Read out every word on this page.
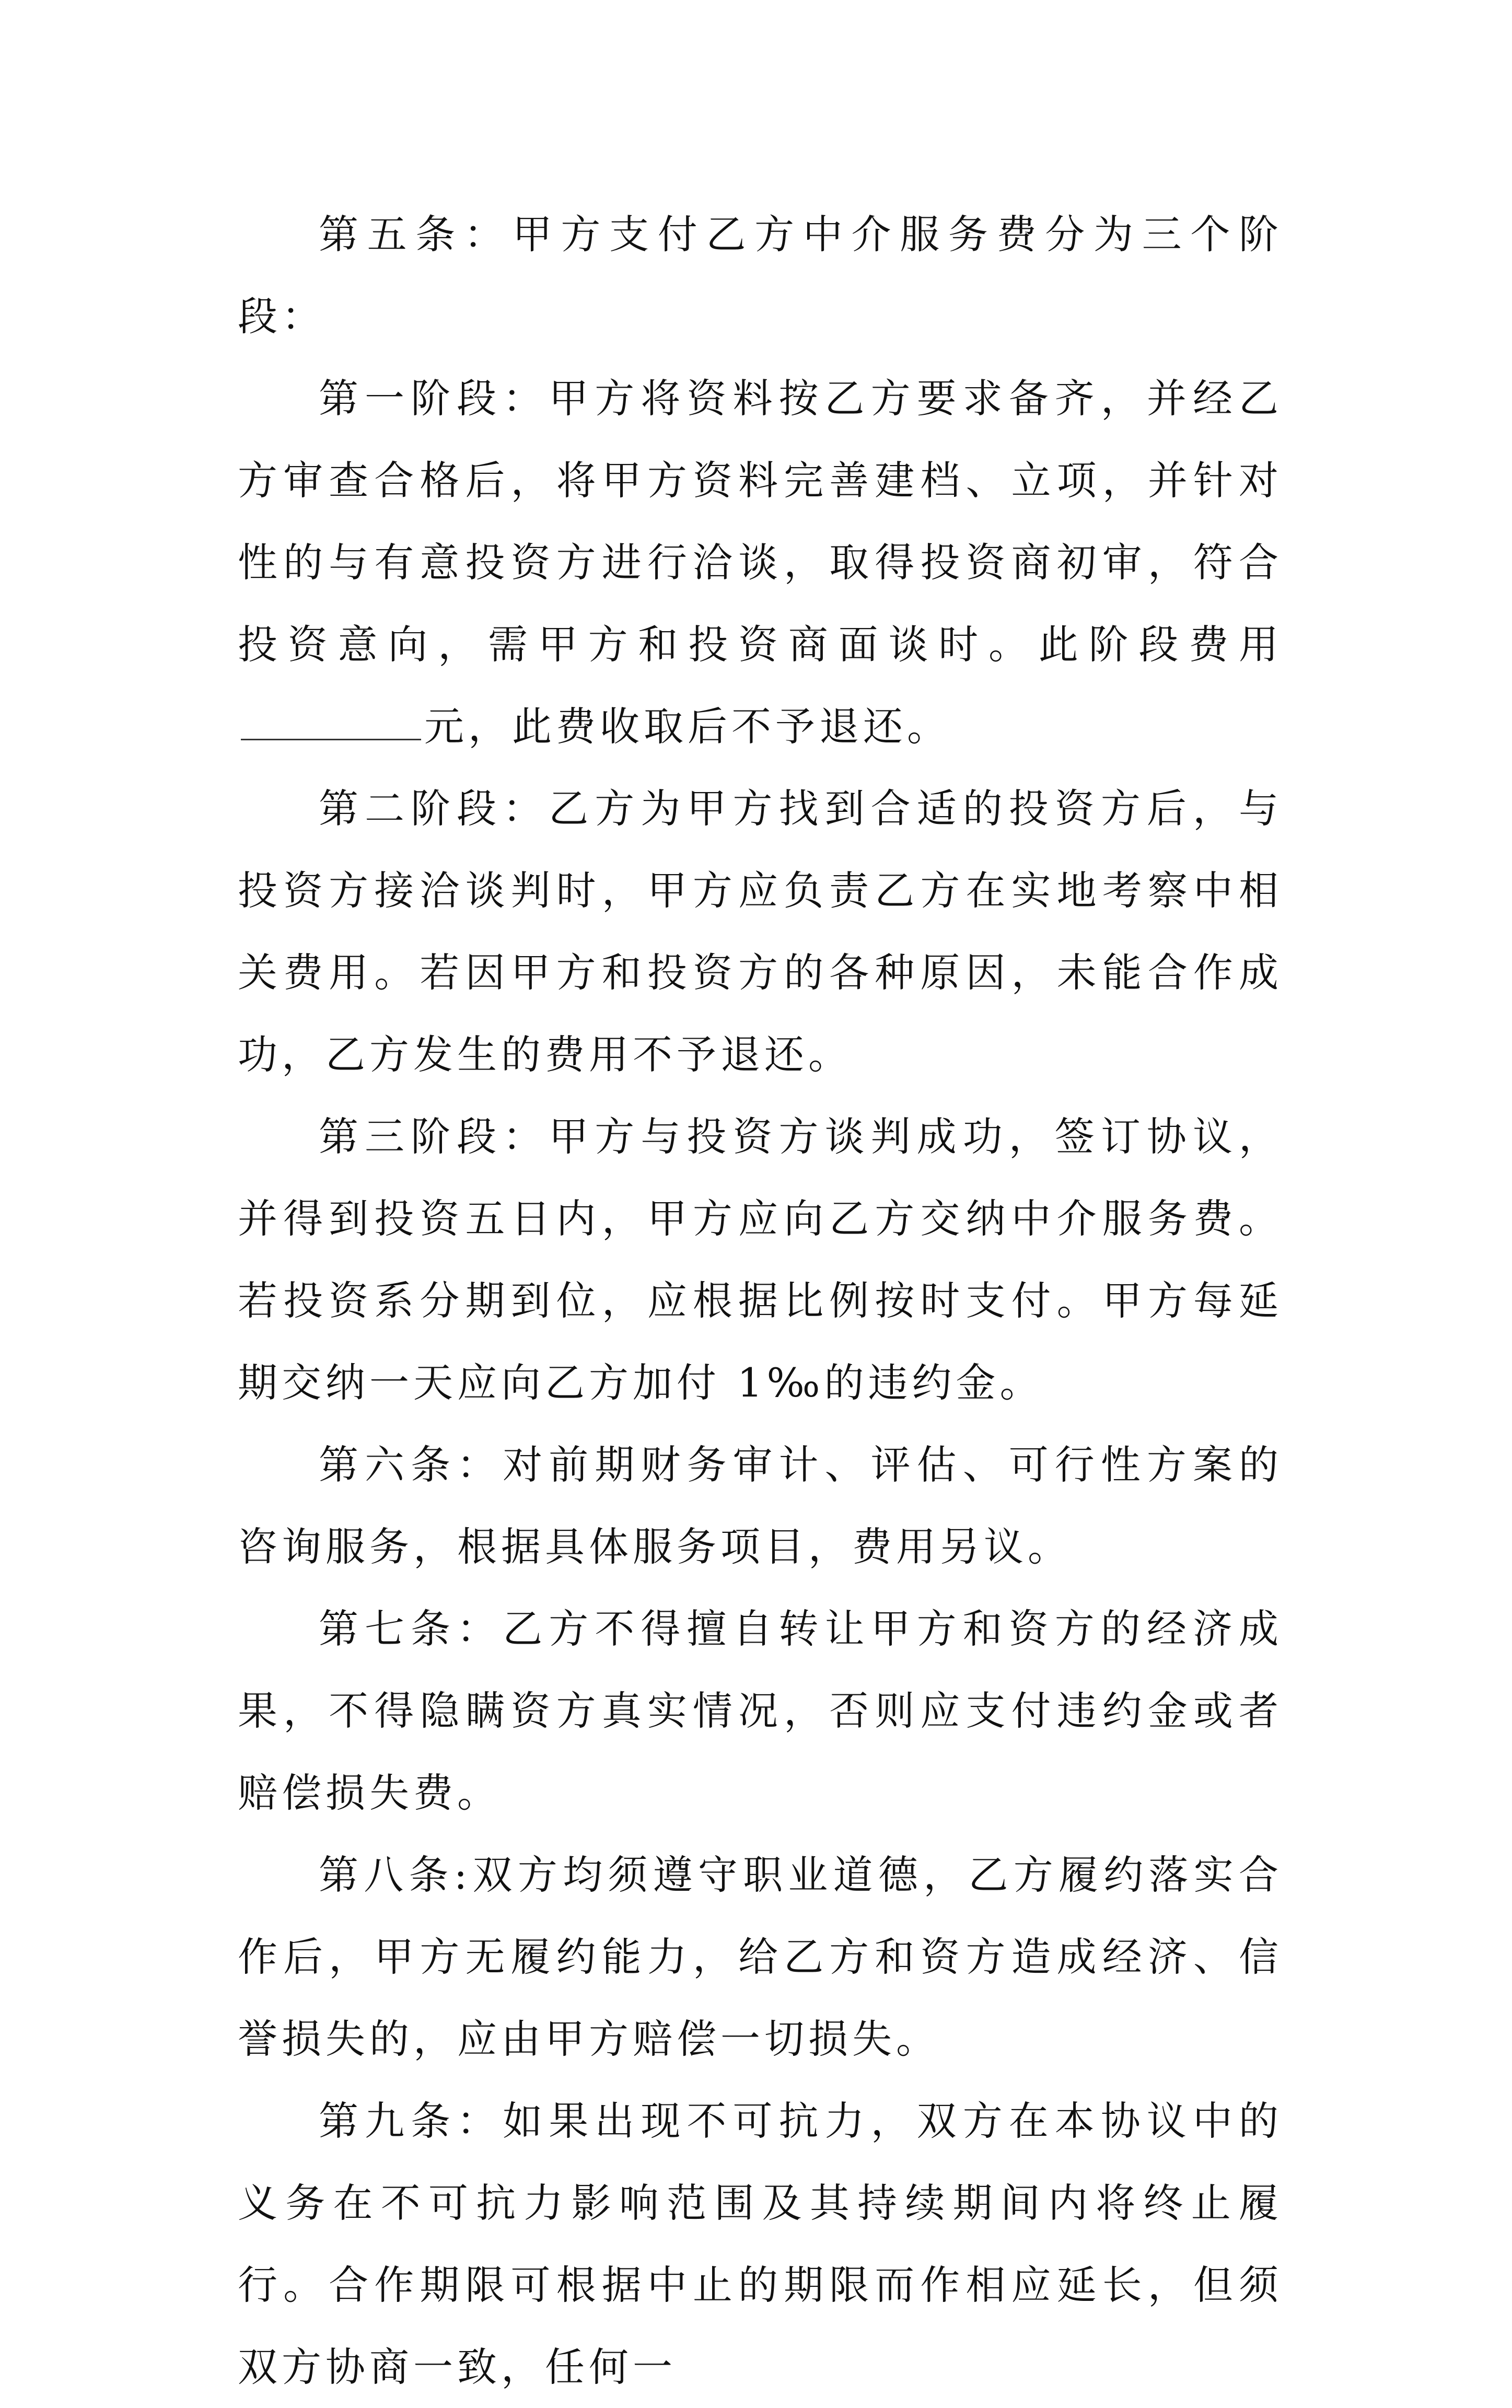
第五条：甲方支付乙方中介服务费分为三个阶段：

第一阶段：甲方将资料按乙方要求备齐，并经乙方审查合格后，将甲方资料完善建档、立项，并针对性的与有意投资方进行洽谈，取得投资商初审，符合投资意向，需甲方和投资商面谈时。此阶段费用元，此费收取后不予退还。

第二阶段：乙方为甲方找到合适的投资方后，与投资方接洽谈判时，甲方应负责乙方在实地考察中相关费用。若因甲方和投资方的各种原因，未能合作成功，乙方发生的费用不予退还。

第三阶段：甲方与投资方谈判成功，签订协议，并得到投资五日内，甲方应向乙方交纳中介服务费。若投资系分期到位，应根据比例按时支付。甲方每延期交纳一天应向乙方加付 1‰的违约金。

第六条：对前期财务审计、评估、可行性方案的咨询服务，根据具体服务项目，费用另议。

第七条：乙方不得擅自转让甲方和资方的经济成果，不得隐瞒资方真实情况，否则应支付违约金或者赔偿损失费。

第八条:双方均须遵守职业道德，乙方履约落实合作后，甲方无履约能力，给乙方和资方造成经济、信誉损失的，应由甲方赔偿一切损失。

第九条：如果出现不可抗力，双方在本协议中的义务在不可抗力影响范围及其持续期间内将终止履行。合作期限可根据中止的期限而作相应延长，但须双方协商一致，任何一
